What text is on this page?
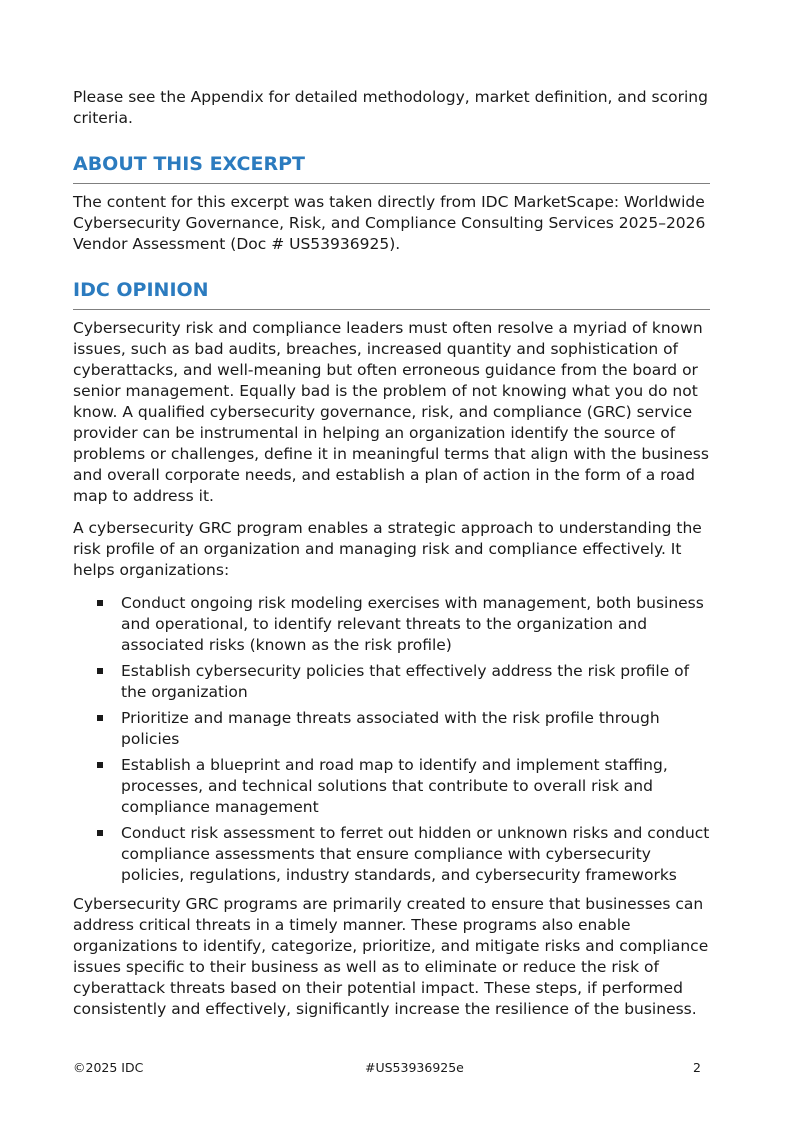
Please see the Appendix for detailed methodology, market definition, and scoring criteria.

ABOUT THIS EXCERPT

The content for this excerpt was taken directly from IDC MarketScape: Worldwide Cybersecurity Governance, Risk, and Compliance Consulting Services 2025–2026 Vendor Assessment (Doc # US53936925).

IDC OPINION

Cybersecurity risk and compliance leaders must often resolve a myriad of known issues, such as bad audits, breaches, increased quantity and sophistication of cyberattacks, and well-meaning but often erroneous guidance from the board or senior management. Equally bad is the problem of not knowing what you do not know. A qualified cybersecurity governance, risk, and compliance (GRC) service provider can be instrumental in helping an organization identify the source of problems or challenges, define it in meaningful terms that align with the business and overall corporate needs, and establish a plan of action in the form of a road map to address it.

A cybersecurity GRC program enables a strategic approach to understanding the risk profile of an organization and managing risk and compliance effectively. It helps organizations:

Conduct ongoing risk modeling exercises with management, both business and operational, to identify relevant threats to the organization and associated risks (known as the risk profile)
Establish cybersecurity policies that effectively address the risk profile of the organization
Prioritize and manage threats associated with the risk profile through policies
Establish a blueprint and road map to identify and implement staffing, processes, and technical solutions that contribute to overall risk and compliance management
Conduct risk assessment to ferret out hidden or unknown risks and conduct compliance assessments that ensure compliance with cybersecurity policies, regulations, industry standards, and cybersecurity frameworks

Cybersecurity GRC programs are primarily created to ensure that businesses can address critical threats in a timely manner. These programs also enable organizations to identify, categorize, prioritize, and mitigate risks and compliance issues specific to their business as well as to eliminate or reduce the risk of cyberattack threats based on their potential impact. These steps, if performed consistently and effectively, significantly increase the resilience of the business.

©2025 IDC	#US53936925e	2
